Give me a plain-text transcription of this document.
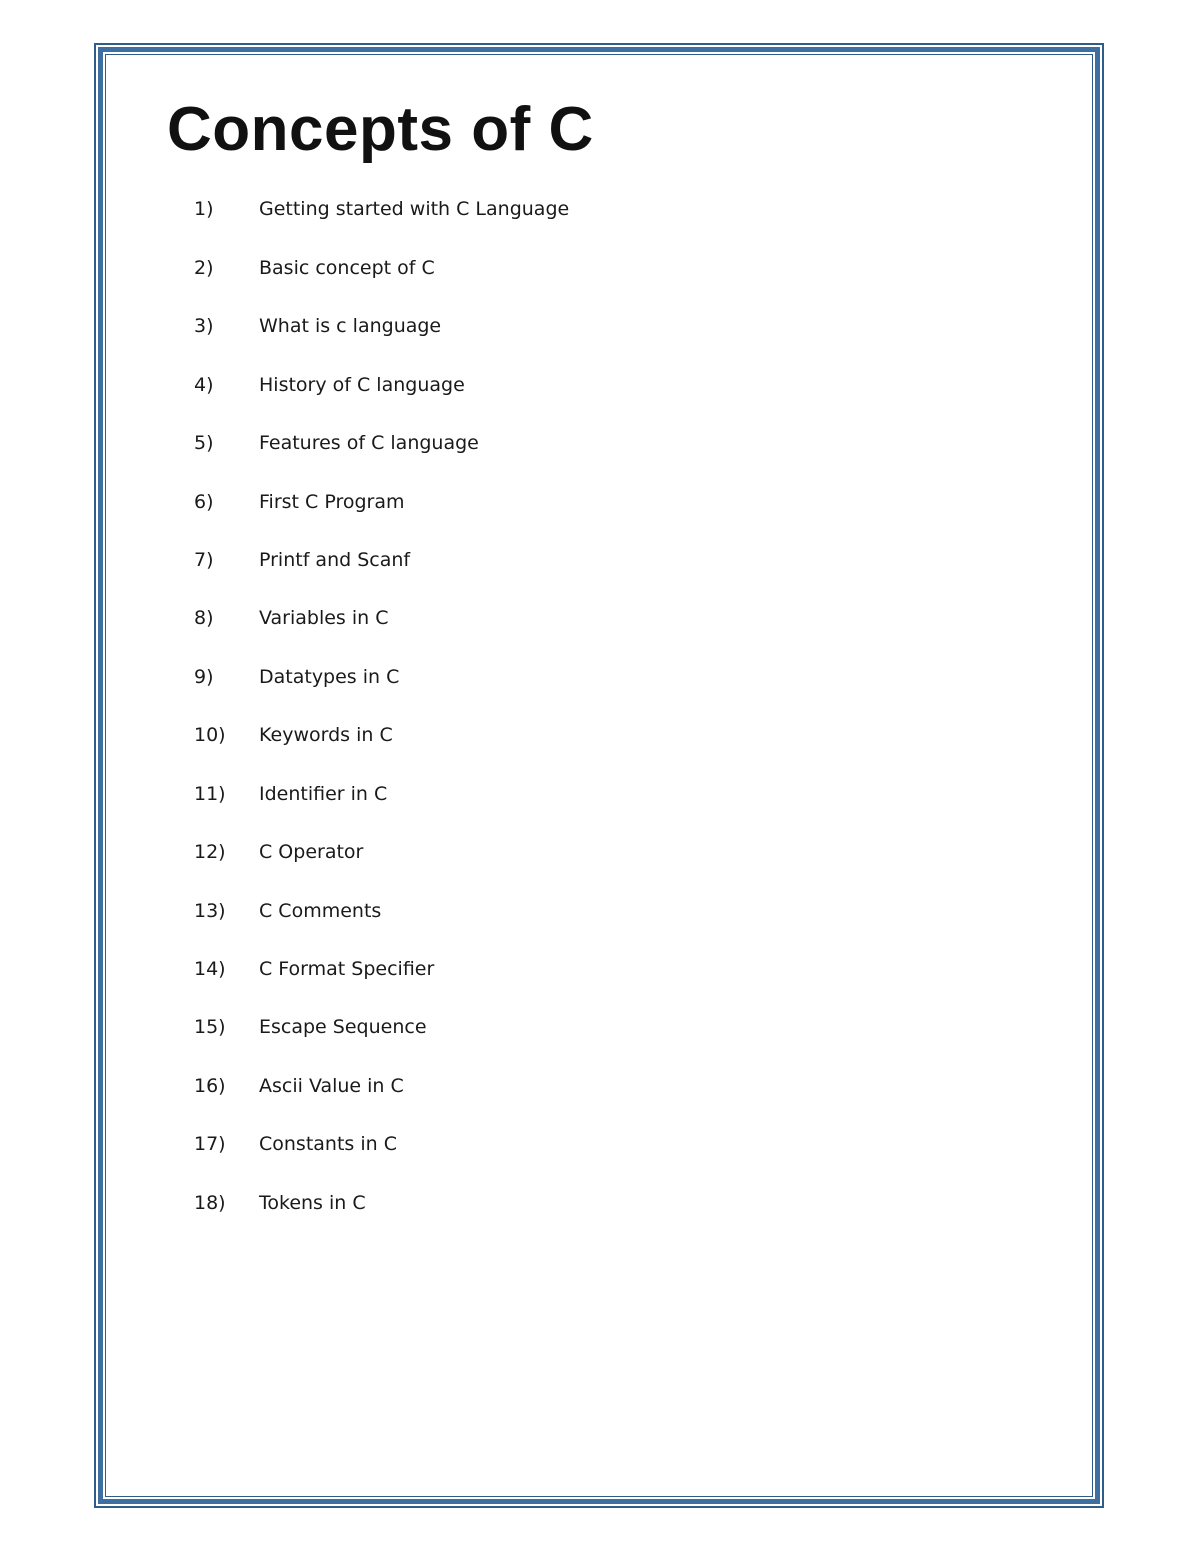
Concepts of C
1) Getting started with C Language
2) Basic concept of C
3) What is c language
4) History of C language
5) Features of C language
6) First C Program
7) Printf and Scanf
8) Variables in C
9) Datatypes in C
10) Keywords in C
11) Identifier in C
12) C Operator
13) C Comments
14) C Format Specifier
15) Escape Sequence
16) Ascii Value in C
17) Constants in C
18) Tokens in C
